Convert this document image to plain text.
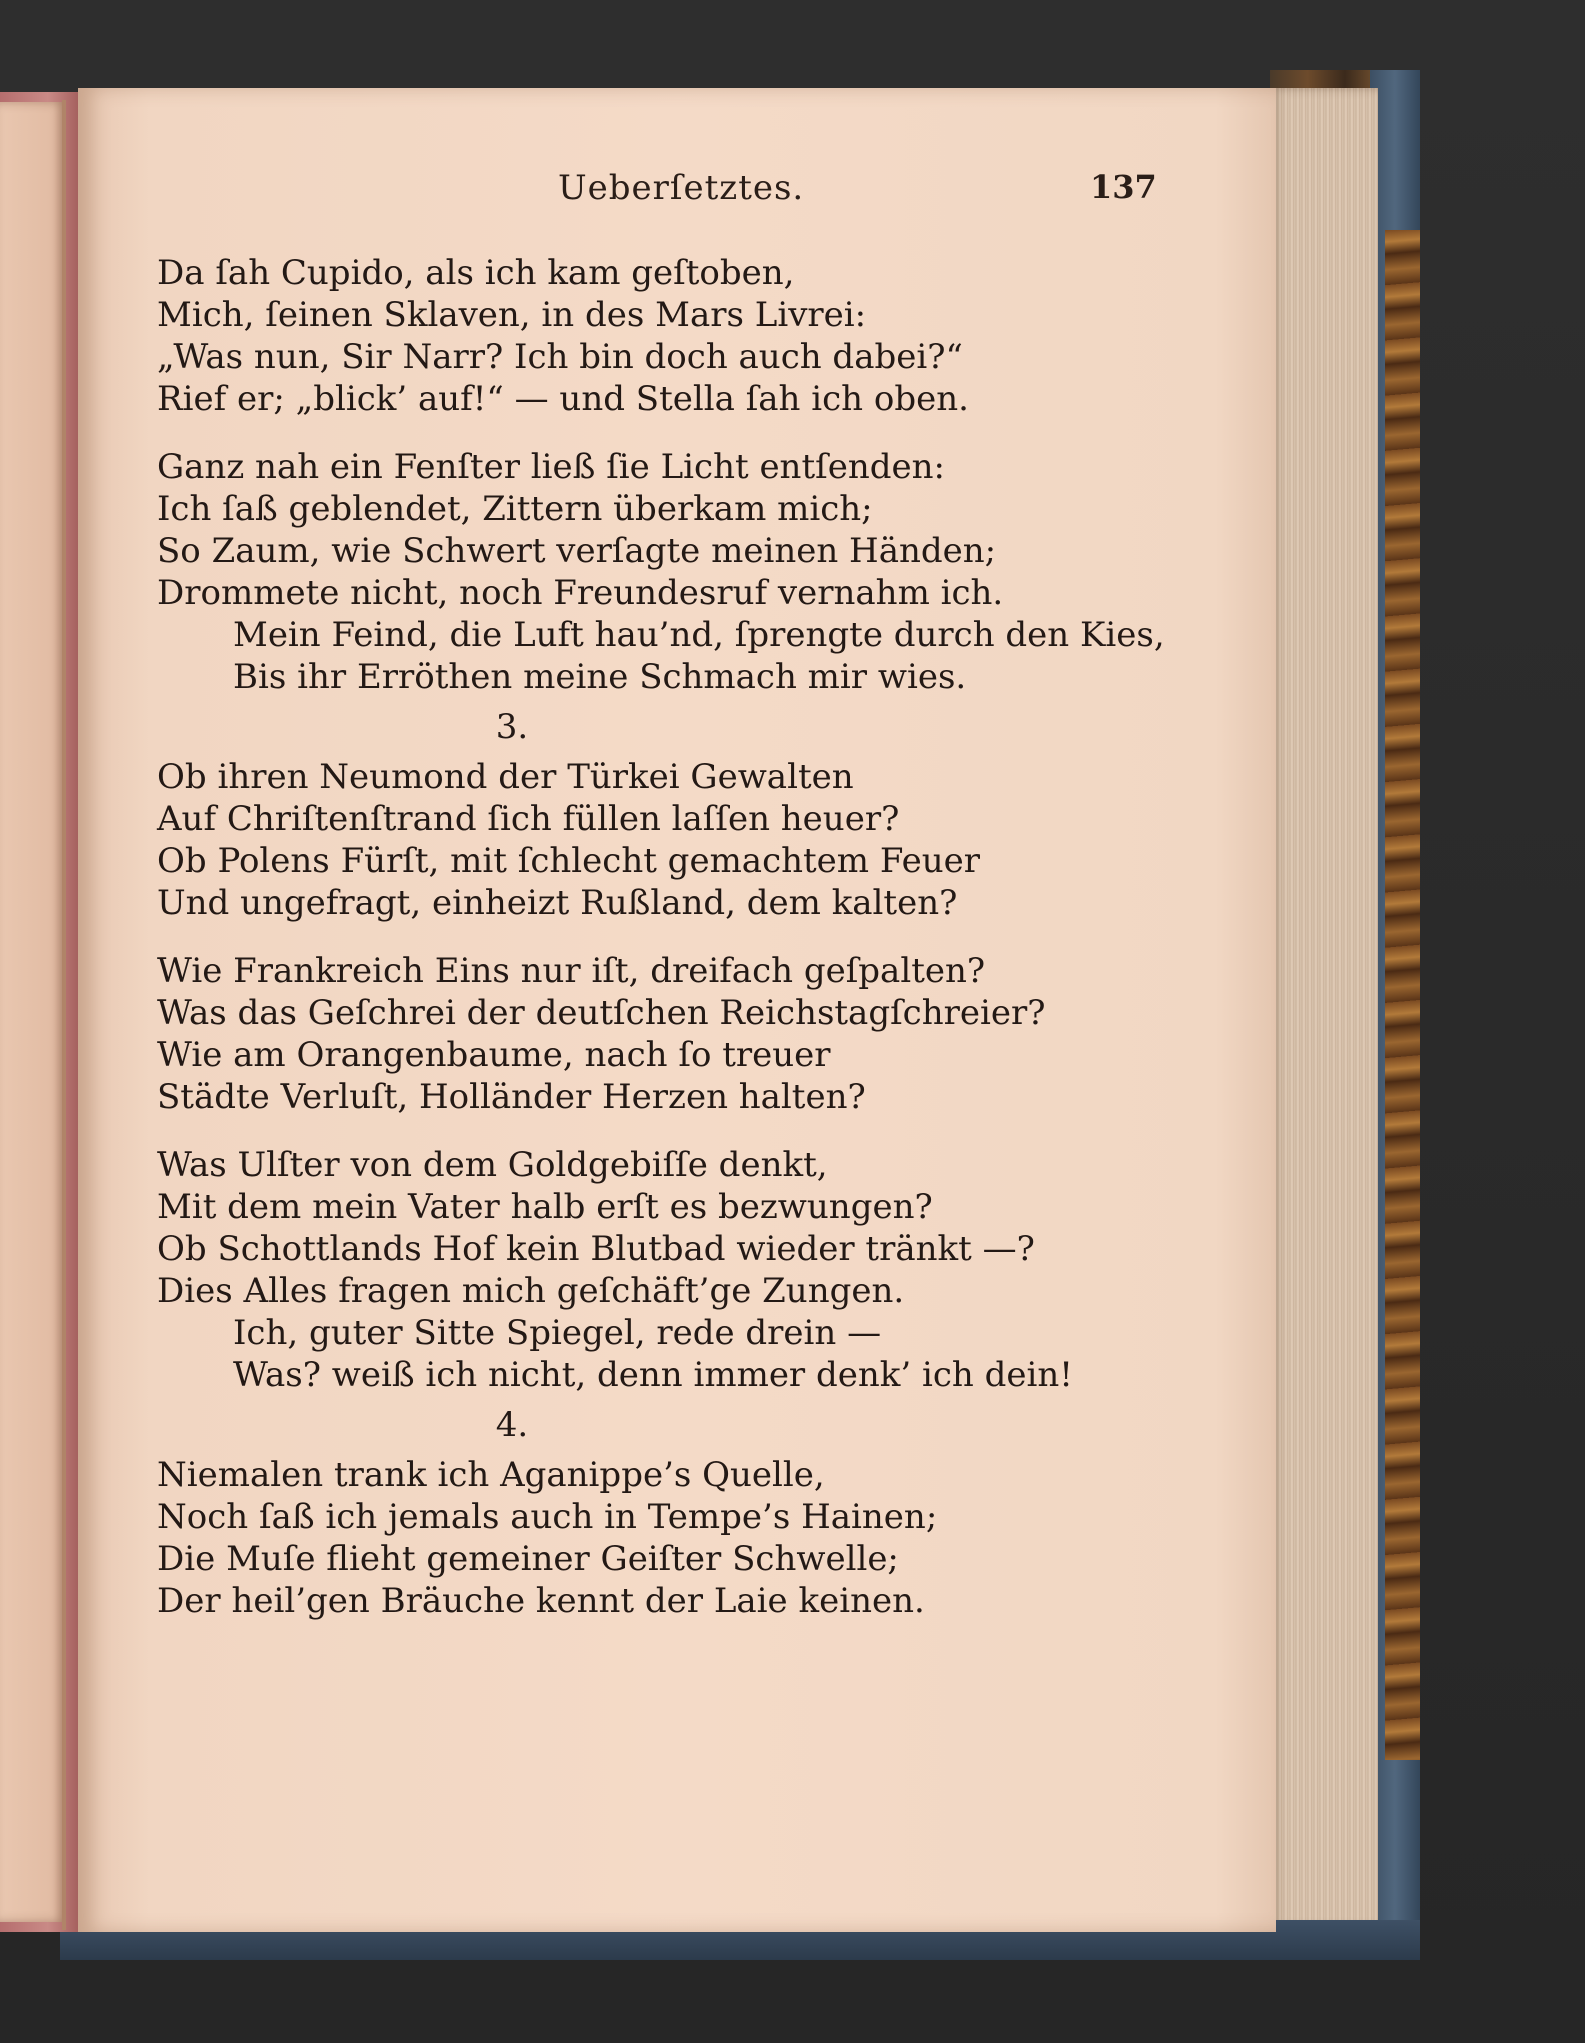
Ueberſetztes.	137
Da ſah Cupido, als ich kam geſtoben,
Mich, ſeinen Sklaven, in des Mars Livrei:
„Was nun, Sir Narr? Ich bin doch auch dabei?“
Rief er; „blick’ auf!“ — und Stella ſah ich oben.
Ganz nah ein Fenſter ließ ſie Licht entſenden:
Ich ſaß geblendet, Zittern überkam mich;
So Zaum, wie Schwert verſagte meinen Händen;
Drommete nicht, noch Freundesruf vernahm ich.
Mein Feind, die Luft hau’nd, ſprengte durch den Kies,
Bis ihr Erröthen meine Schmach mir wies.
3.
Ob ihren Neumond der Türkei Gewalten
Auf Chriſtenſtrand ſich füllen laſſen heuer?
Ob Polens Fürſt, mit ſchlecht gemachtem Feuer
Und ungefragt, einheizt Rußland, dem kalten?
Wie Frankreich Eins nur iſt, dreifach geſpalten?
Was das Geſchrei der deutſchen Reichstagſchreier?
Wie am Orangenbaume, nach ſo treuer
Städte Verluſt, Holländer Herzen halten?
Was Ulſter von dem Goldgebiſſe denkt,
Mit dem mein Vater halb erſt es bezwungen?
Ob Schottlands Hof kein Blutbad wieder tränkt —?
Dies Alles fragen mich geſchäft’ge Zungen.
Ich, guter Sitte Spiegel, rede drein —
Was? weiß ich nicht, denn immer denk’ ich dein!
4.
Niemalen trank ich Aganippe’s Quelle,
Noch ſaß ich jemals auch in Tempe’s Hainen;
Die Muſe flieht gemeiner Geiſter Schwelle;
Der heil’gen Bräuche kennt der Laie keinen.
